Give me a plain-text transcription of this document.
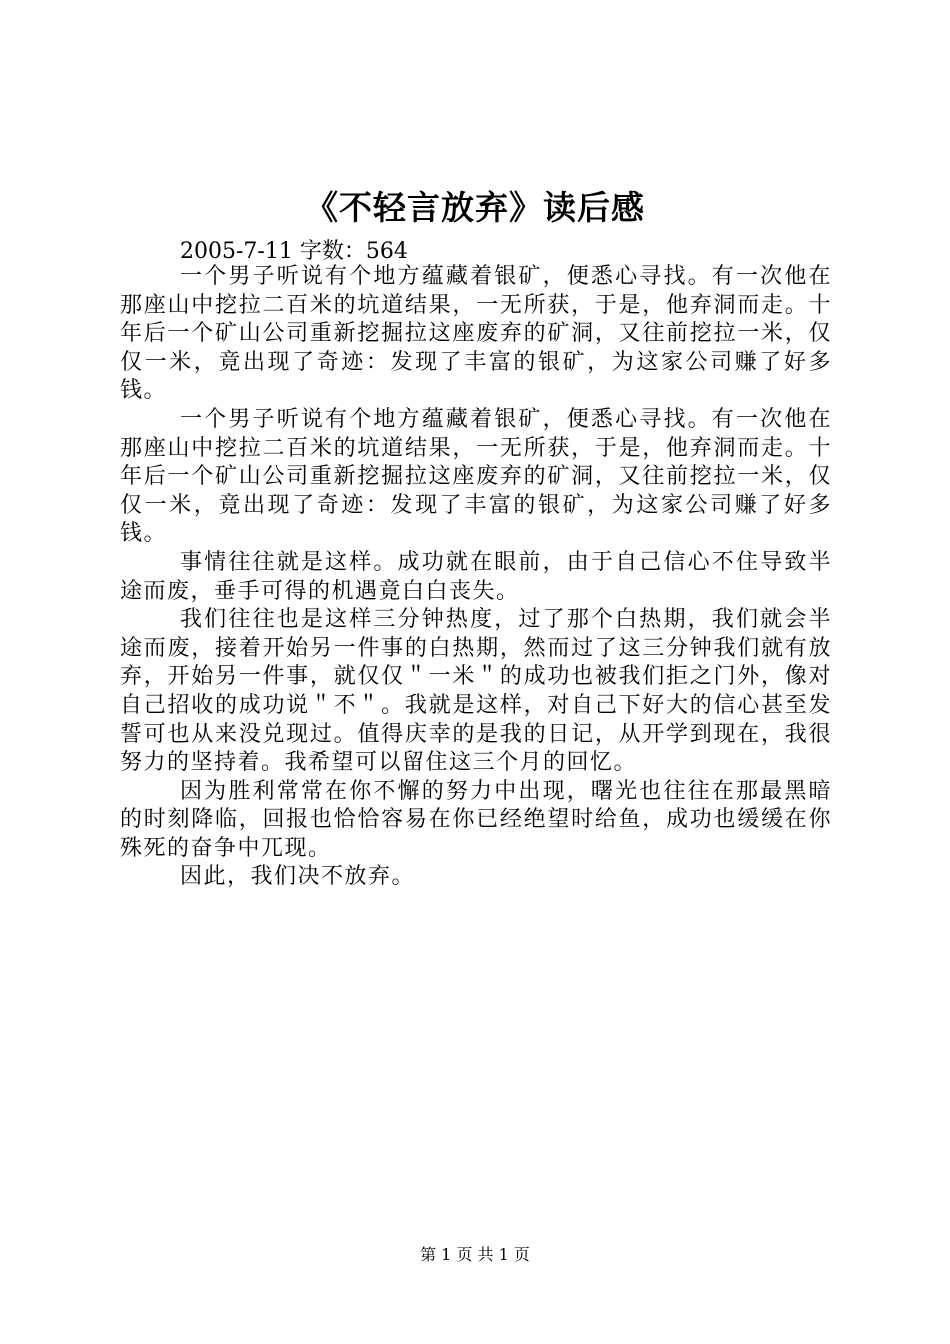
《不轻言放弃》读后感
2005-7-11 字数：564

一个男子听说有个地方蕴藏着银矿，便悉心寻找。有一次他在那座山中挖拉二百米的坑道结果，一无所获，于是，他弃洞而走。十年后一个矿山公司重新挖掘拉这座废弃的矿洞，又往前挖拉一米，仅仅一米，竟出现了奇迹：发现了丰富的银矿，为这家公司赚了好多钱。

一个男子听说有个地方蕴藏着银矿，便悉心寻找。有一次他在那座山中挖拉二百米的坑道结果，一无所获，于是，他弃洞而走。十年后一个矿山公司重新挖掘拉这座废弃的矿洞，又往前挖拉一米，仅仅一米，竟出现了奇迹：发现了丰富的银矿，为这家公司赚了好多钱。

事情往往就是这样。成功就在眼前，由于自己信心不住导致半途而废，垂手可得的机遇竟白白丧失。

我们往往也是这样三分钟热度，过了那个白热期，我们就会半途而废，接着开始另一件事的白热期，然而过了这三分钟我们就有放弃，开始另一件事，就仅仅＂一米＂的成功也被我们拒之门外，像对自己招收的成功说＂不＂。我就是这样，对自己下好大的信心甚至发誓可也从来没兑现过。值得庆幸的是我的日记，从开学到现在，我很努力的坚持着。我希望可以留住这三个月的回忆。

因为胜利常常在你不懈的努力中出现，曙光也往往在那最黑暗的时刻降临，回报也恰恰容易在你已经绝望时给鱼，成功也缓缓在你殊死的奋争中兀现。

因此，我们决不放弃。

第 1 页 共 1 页
